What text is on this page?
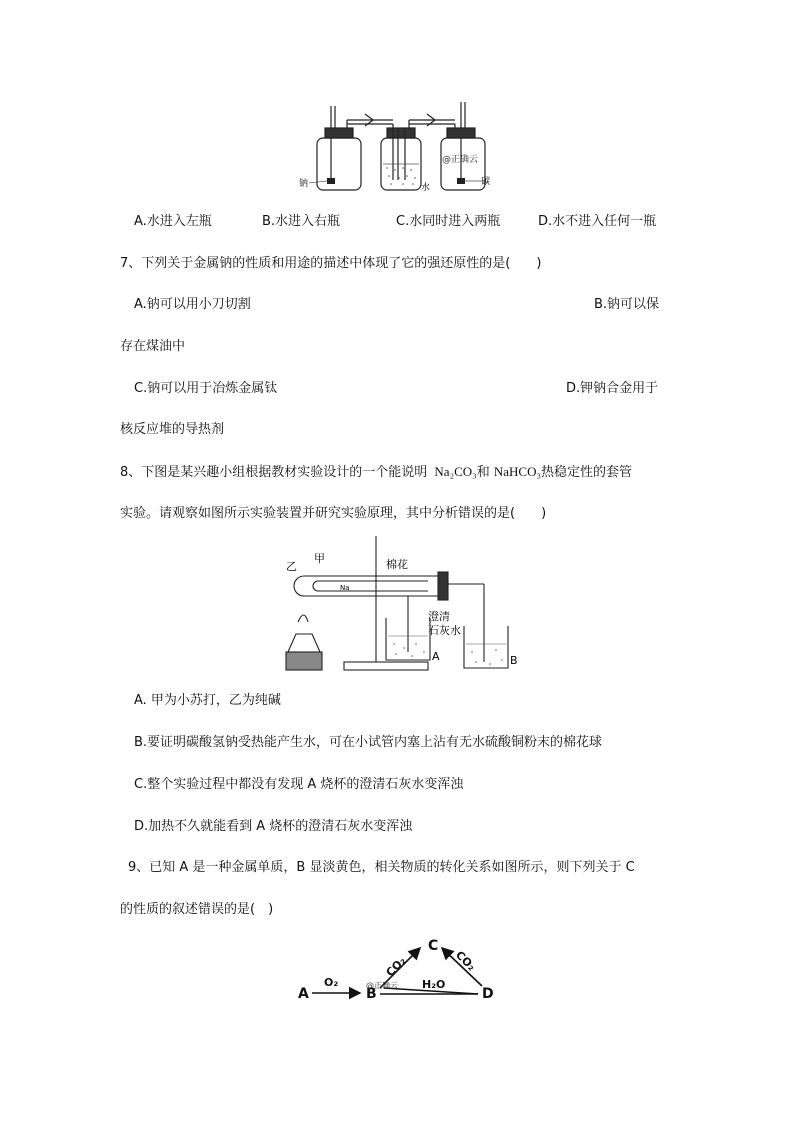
钠	水
碳
@正确云
A.水进入左瓶	B.水进入右瓶	C.水同时进入两瓶	D.水不进入任何一瓶
7、下列关于金属钠的性质和用途的描述中体现了它的强还原性的是(　　)
A.钠可以用小刀切割	B.钠可以保
存在煤油中
C.钠可以用于冶炼金属钛	D.钾钠合金用于
核反应堆的导热剂
8、下图是某兴趣小组根据教材实验设计的一个能说明 Na₂CO₃和 NaHCO₃热稳定性的套管
实验。请观察如图所示实验装置并研究实验原理，其中分析错误的是(　　)
乙
甲	棉花
Na
澄清
石灰水
A	B
A. 甲为小苏打，乙为纯碱
B.要证明碳酸氢钠受热能产生水，可在小试管内塞上沾有无水硫酸铜粉末的棉花球
C.整个实验过程中都没有发现 A 烧杯的澄清石灰水变浑浊
D.加热不久就能看到 A 烧杯的澄清石灰水变浑浊
9、已知 A 是一种金属单质，B 显淡黄色，相关物质的转化关系如图所示，则下列关于 C
的性质的叙述错误的是(　)
A	B
C
D
O₂
CO₂	CO₂
H₂O
@正确云
